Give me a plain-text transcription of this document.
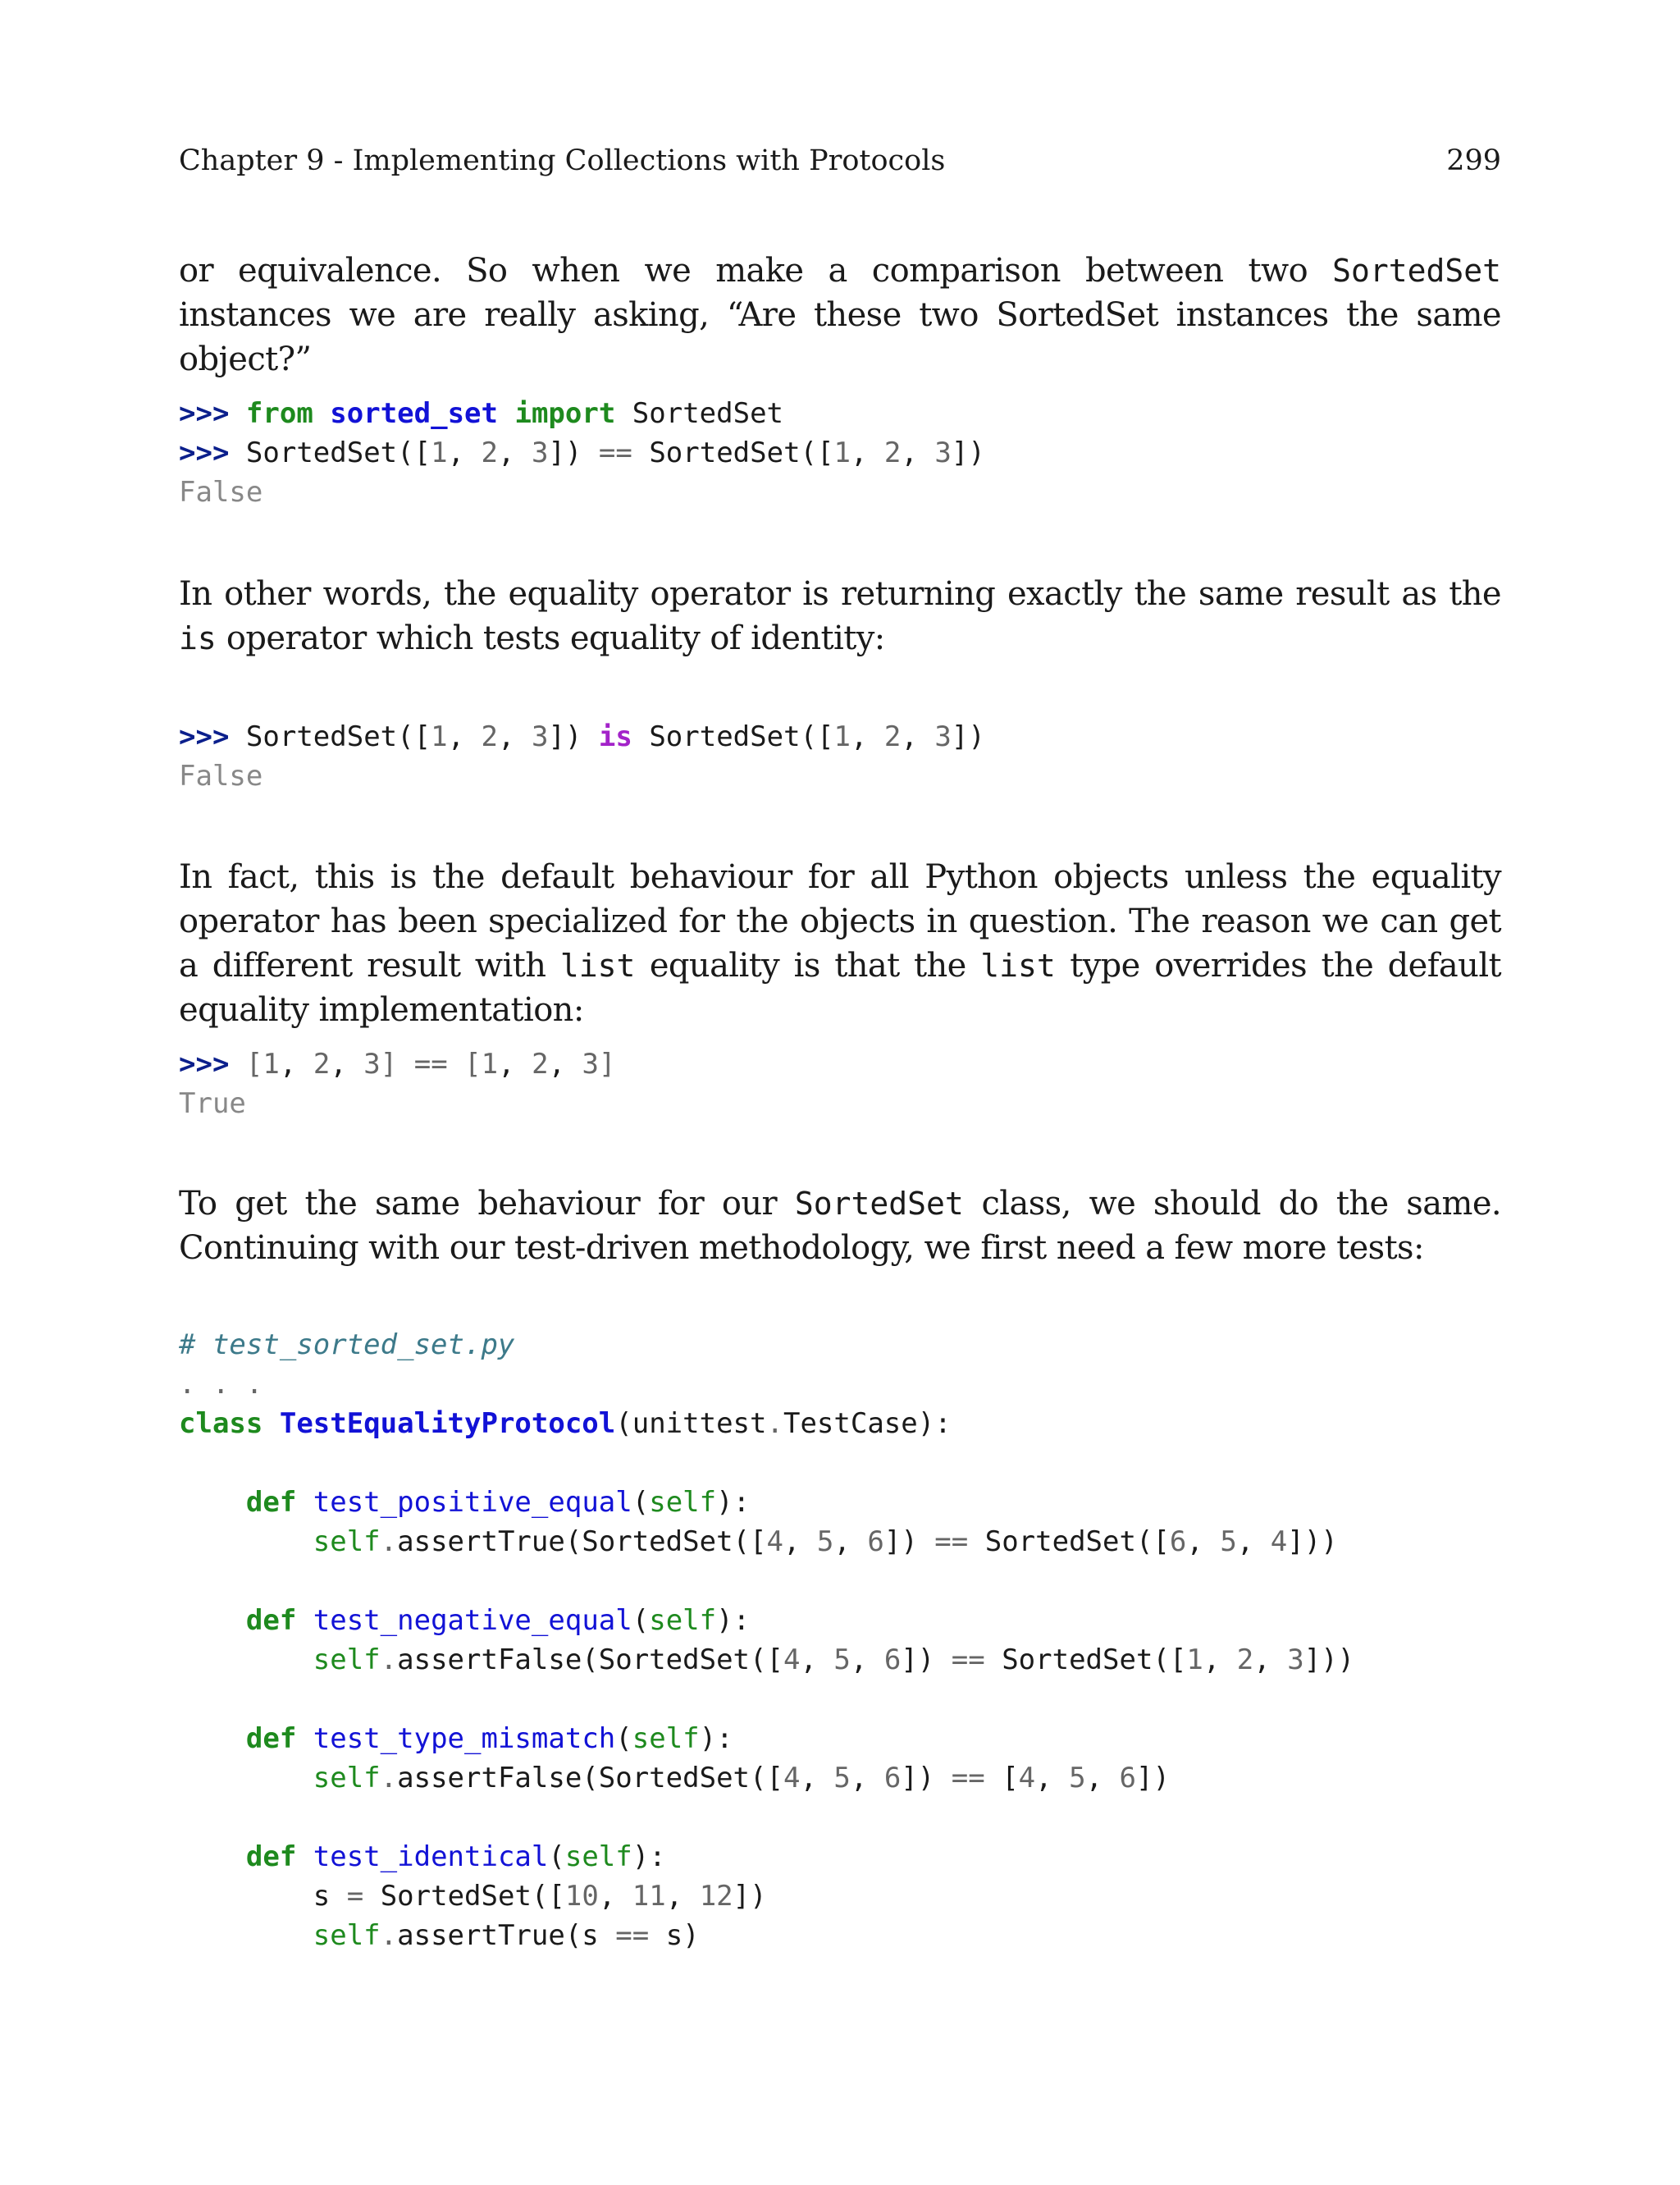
Chapter 9 - Implementing Collections with Protocols	299

or equivalence. So when we make a comparison between two SortedSet instances we are really asking, “Are these two SortedSet instances the same object?”

>>> from sorted_set import SortedSet
>>> SortedSet([1, 2, 3]) == SortedSet([1, 2, 3])
False

In other words, the equality operator is returning exactly the same result as the is operator which tests equality of identity:

>>> SortedSet([1, 2, 3]) is SortedSet([1, 2, 3])
False

In fact, this is the default behaviour for all Python objects unless the equality operator has been specialized for the objects in question. The reason we can get a different result with list equality is that the list type overrides the default equality implementation:

>>> [1, 2, 3] == [1, 2, 3]
True

To get the same behaviour for our SortedSet class, we should do the same. Continuing with our test-driven methodology, we first need a few more tests:

# test_sorted_set.py
. . .
class TestEqualityProtocol(unittest.TestCase):

def test_positive_equal(self):
self.assertTrue(SortedSet([4, 5, 6]) == SortedSet([6, 5, 4]))

def test_negative_equal(self):
self.assertFalse(SortedSet([4, 5, 6]) == SortedSet([1, 2, 3]))

def test_type_mismatch(self):
self.assertFalse(SortedSet([4, 5, 6]) == [4, 5, 6])

def test_identical(self):
s = SortedSet([10, 11, 12])
self.assertTrue(s == s)
